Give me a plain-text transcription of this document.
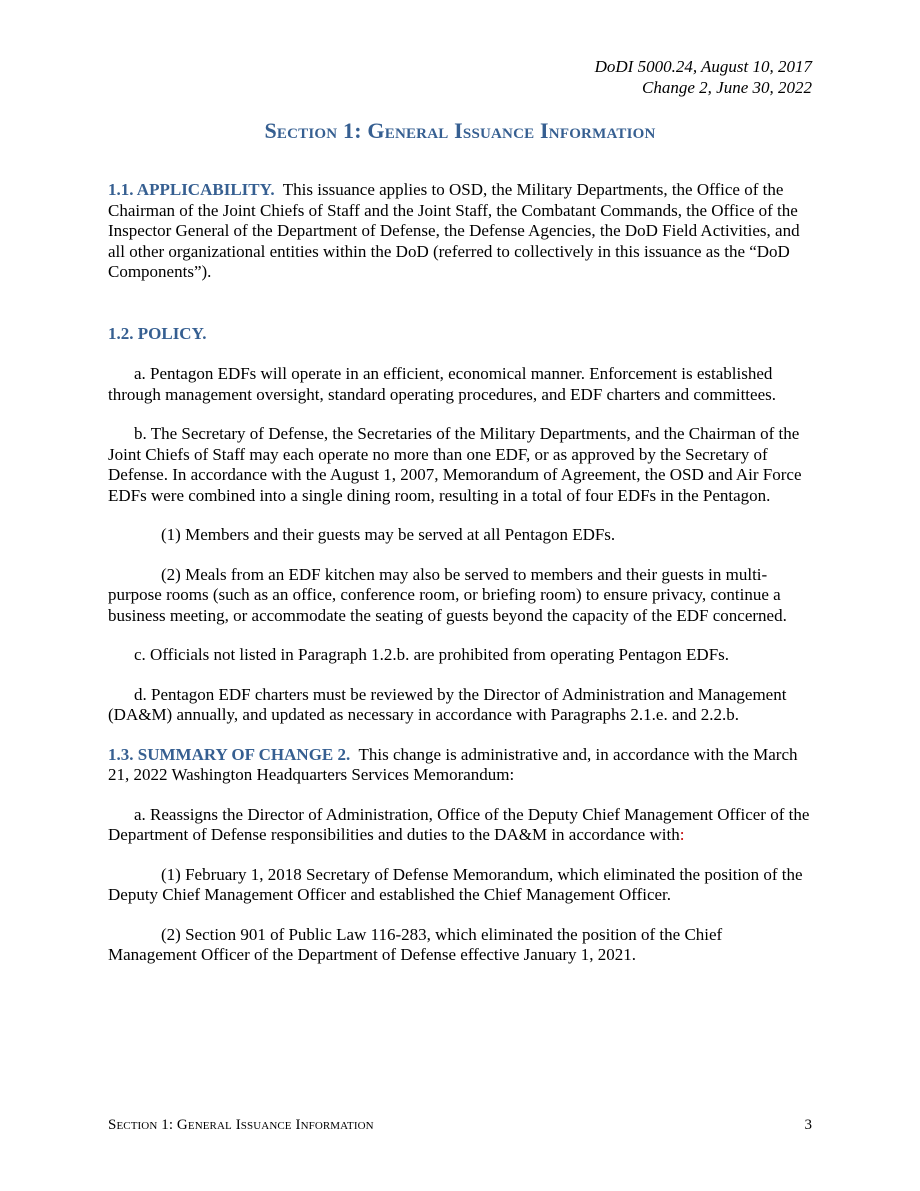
DoDI 5000.24, August 10, 2017
Change 2, June 30, 2022
Section 1: General Issuance Information

1.1. APPLICABILITY. This issuance applies to OSD, the Military Departments, the Office of the Chairman of the Joint Chiefs of Staff and the Joint Staff, the Combatant Commands, the Office of the Inspector General of the Department of Defense, the Defense Agencies, the DoD Field Activities, and all other organizational entities within the DoD (referred to collectively in this issuance as the “DoD Components”).

1.2. POLICY.

a. Pentagon EDFs will operate in an efficient, economical manner. Enforcement is established through management oversight, standard operating procedures, and EDF charters and committees.

b. The Secretary of Defense, the Secretaries of the Military Departments, and the Chairman of the Joint Chiefs of Staff may each operate no more than one EDF, or as approved by the Secretary of Defense. In accordance with the August 1, 2007, Memorandum of Agreement, the OSD and Air Force EDFs were combined into a single dining room, resulting in a total of four EDFs in the Pentagon.

(1) Members and their guests may be served at all Pentagon EDFs.

(2) Meals from an EDF kitchen may also be served to members and their guests in multi-purpose rooms (such as an office, conference room, or briefing room) to ensure privacy, continue a business meeting, or accommodate the seating of guests beyond the capacity of the EDF concerned.

c. Officials not listed in Paragraph 1.2.b. are prohibited from operating Pentagon EDFs.

d. Pentagon EDF charters must be reviewed by the Director of Administration and Management (DA&M) annually, and updated as necessary in accordance with Paragraphs 2.1.e. and 2.2.b.

1.3. SUMMARY OF CHANGE 2. This change is administrative and, in accordance with the March 21, 2022 Washington Headquarters Services Memorandum:

a. Reassigns the Director of Administration, Office of the Deputy Chief Management Officer of the Department of Defense responsibilities and duties to the DA&M in accordance with:

(1) February 1, 2018 Secretary of Defense Memorandum, which eliminated the position of the Deputy Chief Management Officer and established the Chief Management Officer.

(2) Section 901 of Public Law 116-283, which eliminated the position of the Chief Management Officer of the Department of Defense effective January 1, 2021.

Section 1: General Issuance Information	3
